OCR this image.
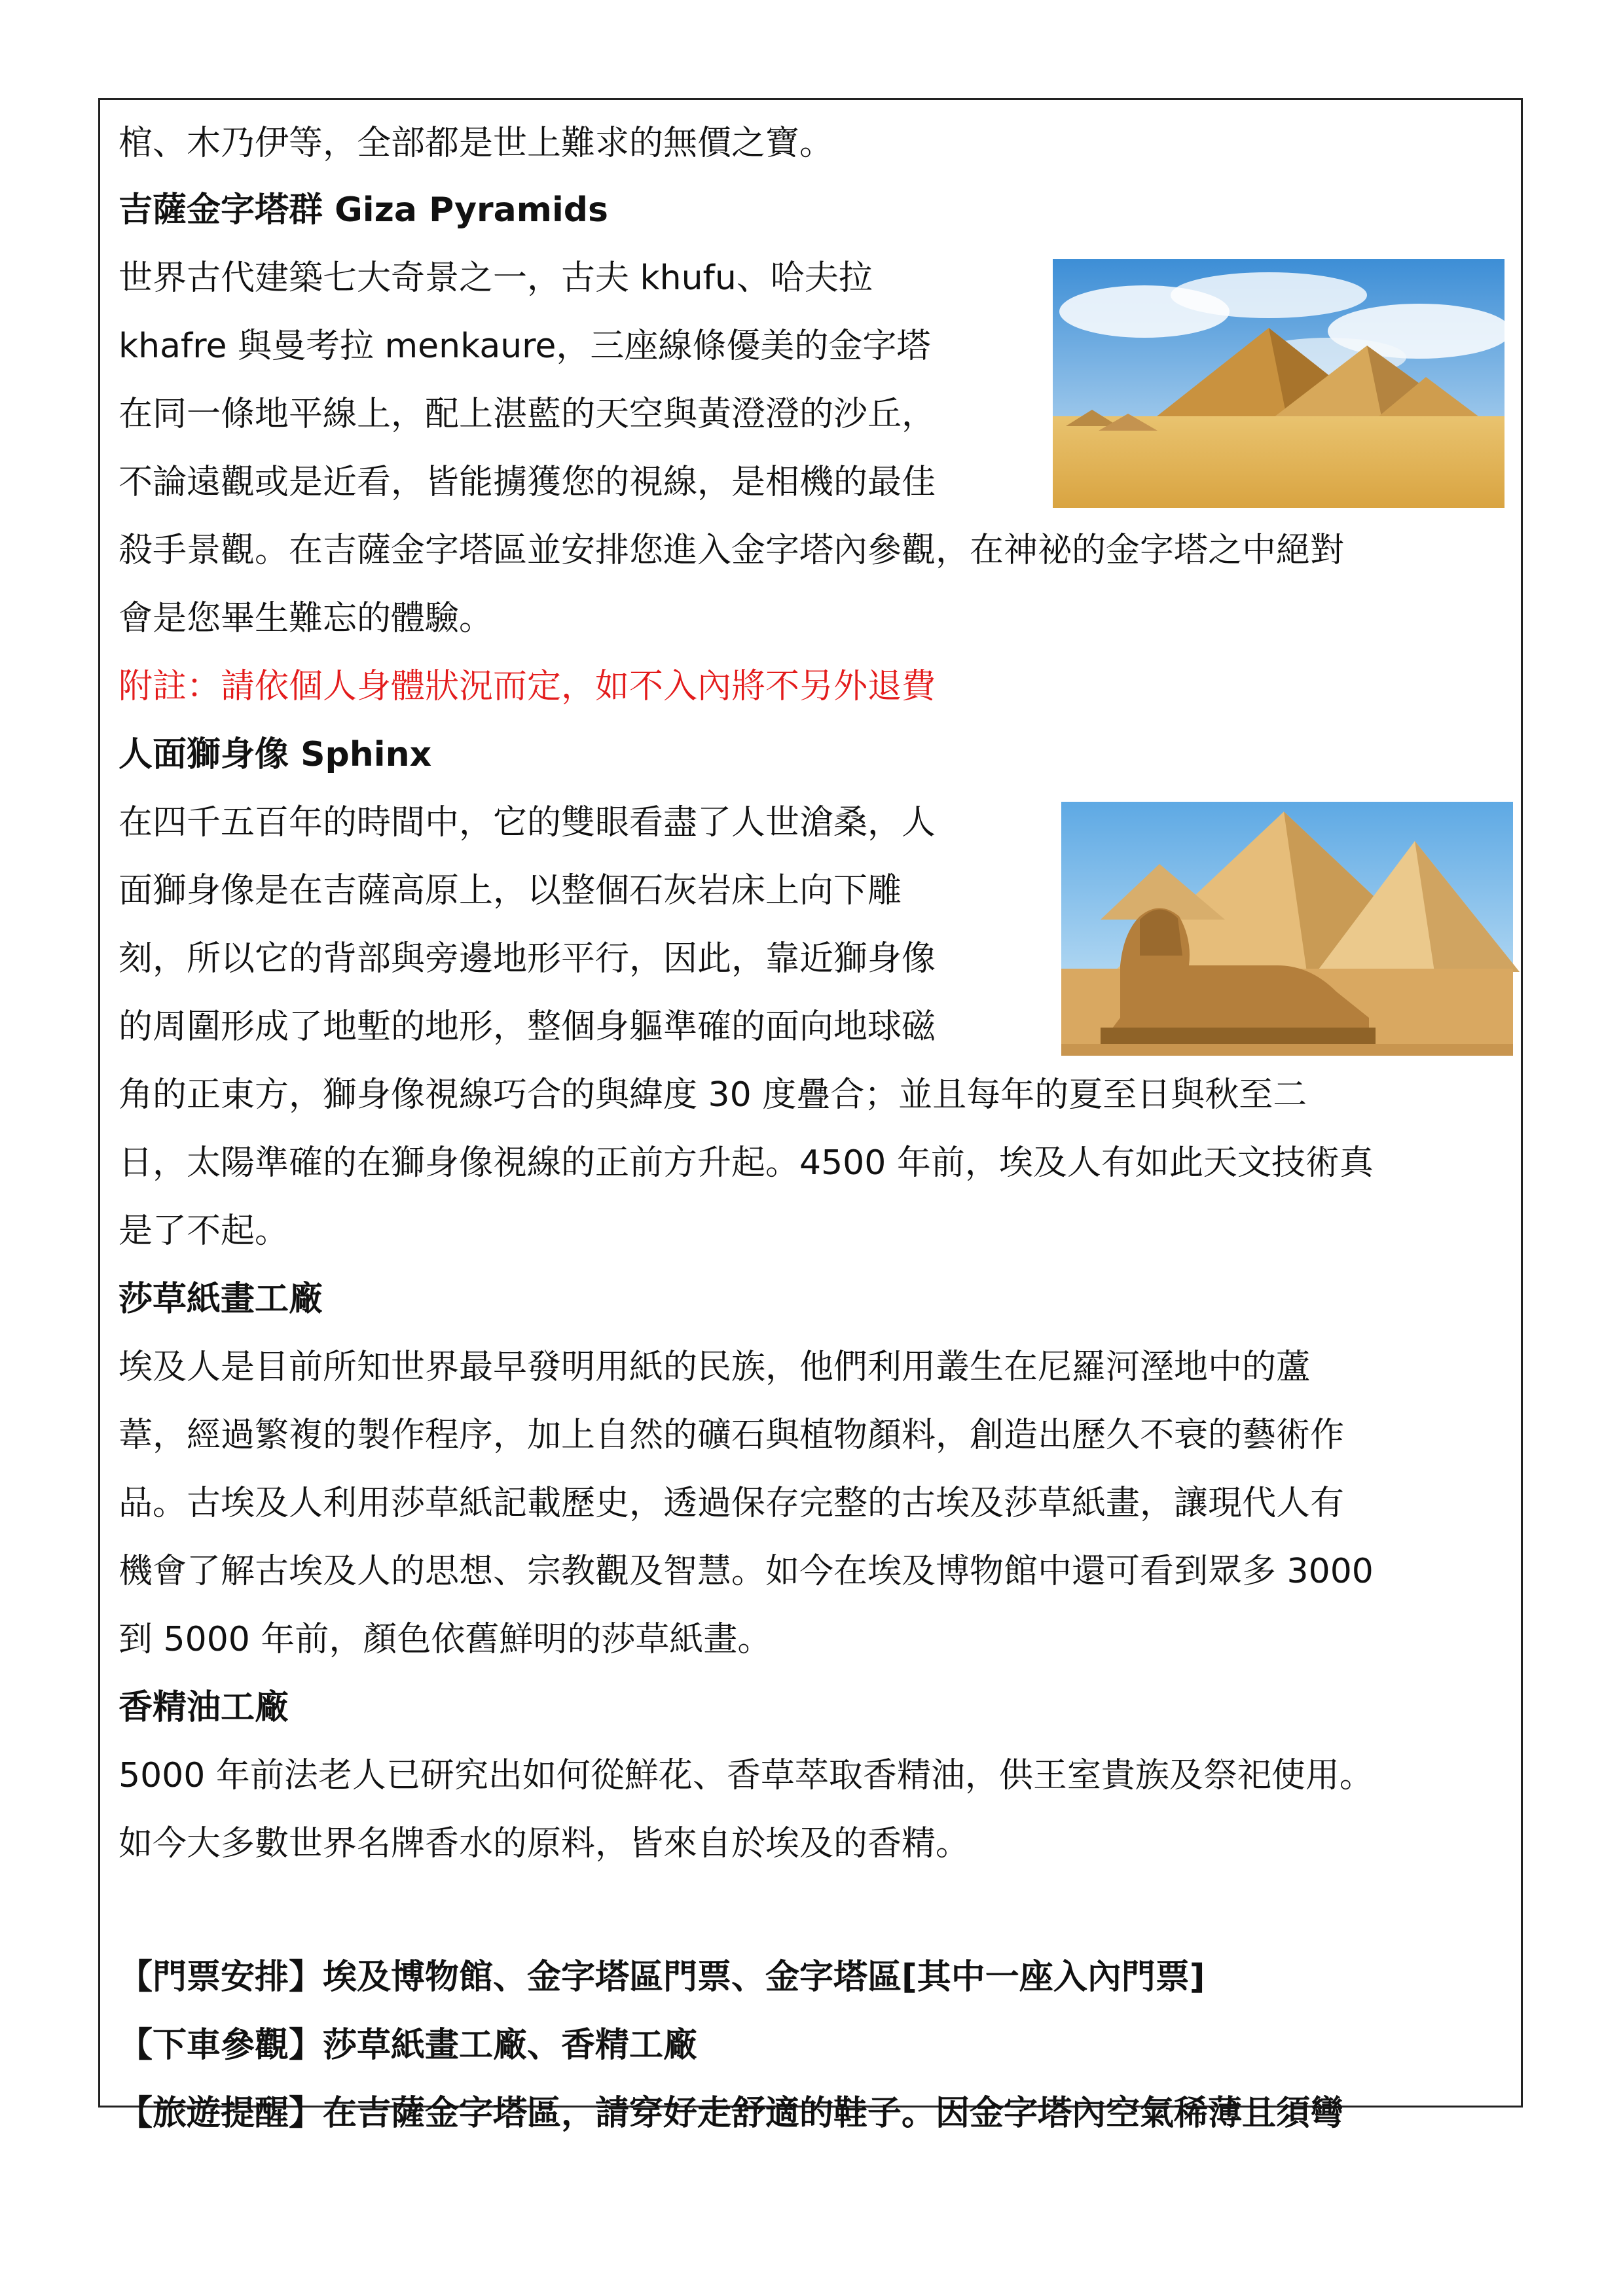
棺、木乃伊等，全部都是世上難求的無價之寶。

吉薩金字塔群 Giza Pyramids

世界古代建築七大奇景之一，古夫 khufu、哈夫拉

khafre 與曼考拉 menkaure，三座線條優美的金字塔

在同一條地平線上，配上湛藍的天空與黃澄澄的沙丘，

不論遠觀或是近看，皆能擄獲您的視線，是相機的最佳

殺手景觀。在吉薩金字塔區並安排您進入金字塔內參觀，在神祕的金字塔之中絕對

會是您畢生難忘的體驗。

附註：請依個人身體狀況而定，如不入內將不另外退費

人面獅身像 Sphinx

在四千五百年的時間中，它的雙眼看盡了人世滄桑，人

面獅身像是在吉薩高原上，以整個石灰岩床上向下雕

刻，所以它的背部與旁邊地形平行，因此，靠近獅身像

的周圍形成了地塹的地形，整個身軀準確的面向地球磁

角的正東方，獅身像視線巧合的與緯度 30 度疊合；並且每年的夏至日與秋至二

日，太陽準確的在獅身像視線的正前方升起。4500 年前，埃及人有如此天文技術真

是了不起。

莎草紙畫工廠

埃及人是目前所知世界最早發明用紙的民族，他們利用叢生在尼羅河溼地中的蘆

葦，經過繁複的製作程序，加上自然的礦石與植物顏料，創造出歷久不衰的藝術作

品。古埃及人利用莎草紙記載歷史，透過保存完整的古埃及莎草紙畫，讓現代人有

機會了解古埃及人的思想、宗教觀及智慧。如今在埃及博物館中還可看到眾多 3000

到 5000 年前，顏色依舊鮮明的莎草紙畫。

香精油工廠

5000 年前法老人已研究出如何從鮮花、香草萃取香精油，供王室貴族及祭祀使用。

如今大多數世界名牌香水的原料，皆來自於埃及的香精。

【門票安排】埃及博物館、金字塔區門票、金字塔區[其中一座入內門票]

【下車參觀】莎草紙畫工廠、香精工廠

【旅遊提醒】在吉薩金字塔區，請穿好走舒適的鞋子。因金字塔內空氣稀薄且須彎
